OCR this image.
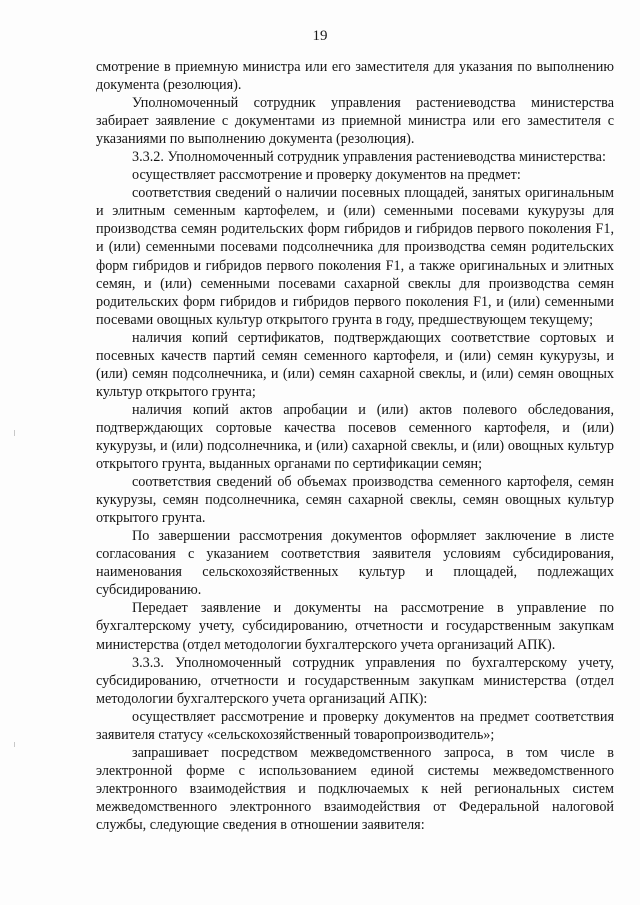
19

смотрение в приемную министра или его заместителя для указания по выполнению документа (резолюция).

Уполномоченный сотрудник управления растениеводства министерства забирает заявление с документами из приемной министра или его заместителя с указаниями по выполнению документа (резолюция).

3.3.2. Уполномоченный сотрудник управления растениеводства министерства:

осуществляет рассмотрение и проверку документов на предмет:

соответствия сведений о наличии посевных площадей, занятых оригинальным и элитным семенным картофелем, и (или) семенными посевами кукурузы для производства семян родительских форм гибридов и гибридов первого поколения F1, и (или) семенными посевами подсолнечника для производства семян родительских форм гибридов и гибридов первого поколения F1, а также оригинальных и элитных семян, и (или) семенными посевами сахарной свеклы для производства семян родительских форм гибридов и гибридов первого поколения F1, и (или) семенными посевами овощных культур открытого грунта в году, предшествующем текущему;

наличия копий сертификатов, подтверждающих соответствие сортовых и посевных качеств партий семян семенного картофеля, и (или) семян кукурузы, и (или) семян подсолнечника, и (или) семян сахарной свеклы, и (или) семян овощных культур открытого грунта;

наличия копий актов апробации и (или) актов полевого обследования, подтверждающих сортовые качества посевов семенного картофеля, и (или) кукурузы, и (или) подсолнечника, и (или) сахарной свеклы, и (или) овощных культур открытого грунта, выданных органами по сертификации семян;

соответствия сведений об объемах производства семенного картофеля, семян кукурузы, семян подсолнечника, семян сахарной свеклы, семян овощных культур открытого грунта.

По завершении рассмотрения документов оформляет заключение в листе согласования с указанием соответствия заявителя условиям субсидирования, наименования сельскохозяйственных культур и площадей, подлежащих субсидированию.

Передает заявление и документы на рассмотрение в управление по бухгалтерскому учету, субсидированию, отчетности и государственным закупкам министерства (отдел методологии бухгалтерского учета организаций АПК).

3.3.3. Уполномоченный сотрудник управления по бухгалтерскому учету, субсидированию, отчетности и государственным закупкам министерства (отдел методологии бухгалтерского учета организаций АПК):

осуществляет рассмотрение и проверку документов на предмет соответствия заявителя статусу «сельскохозяйственный товаропроизводитель»;

запрашивает посредством межведомственного запроса, в том числе в электронной форме с использованием единой системы межведомственного электронного взаимодействия и подключаемых к ней региональных систем межведомственного электронного взаимодействия от Федеральной налоговой службы, следующие сведения в отношении заявителя:
